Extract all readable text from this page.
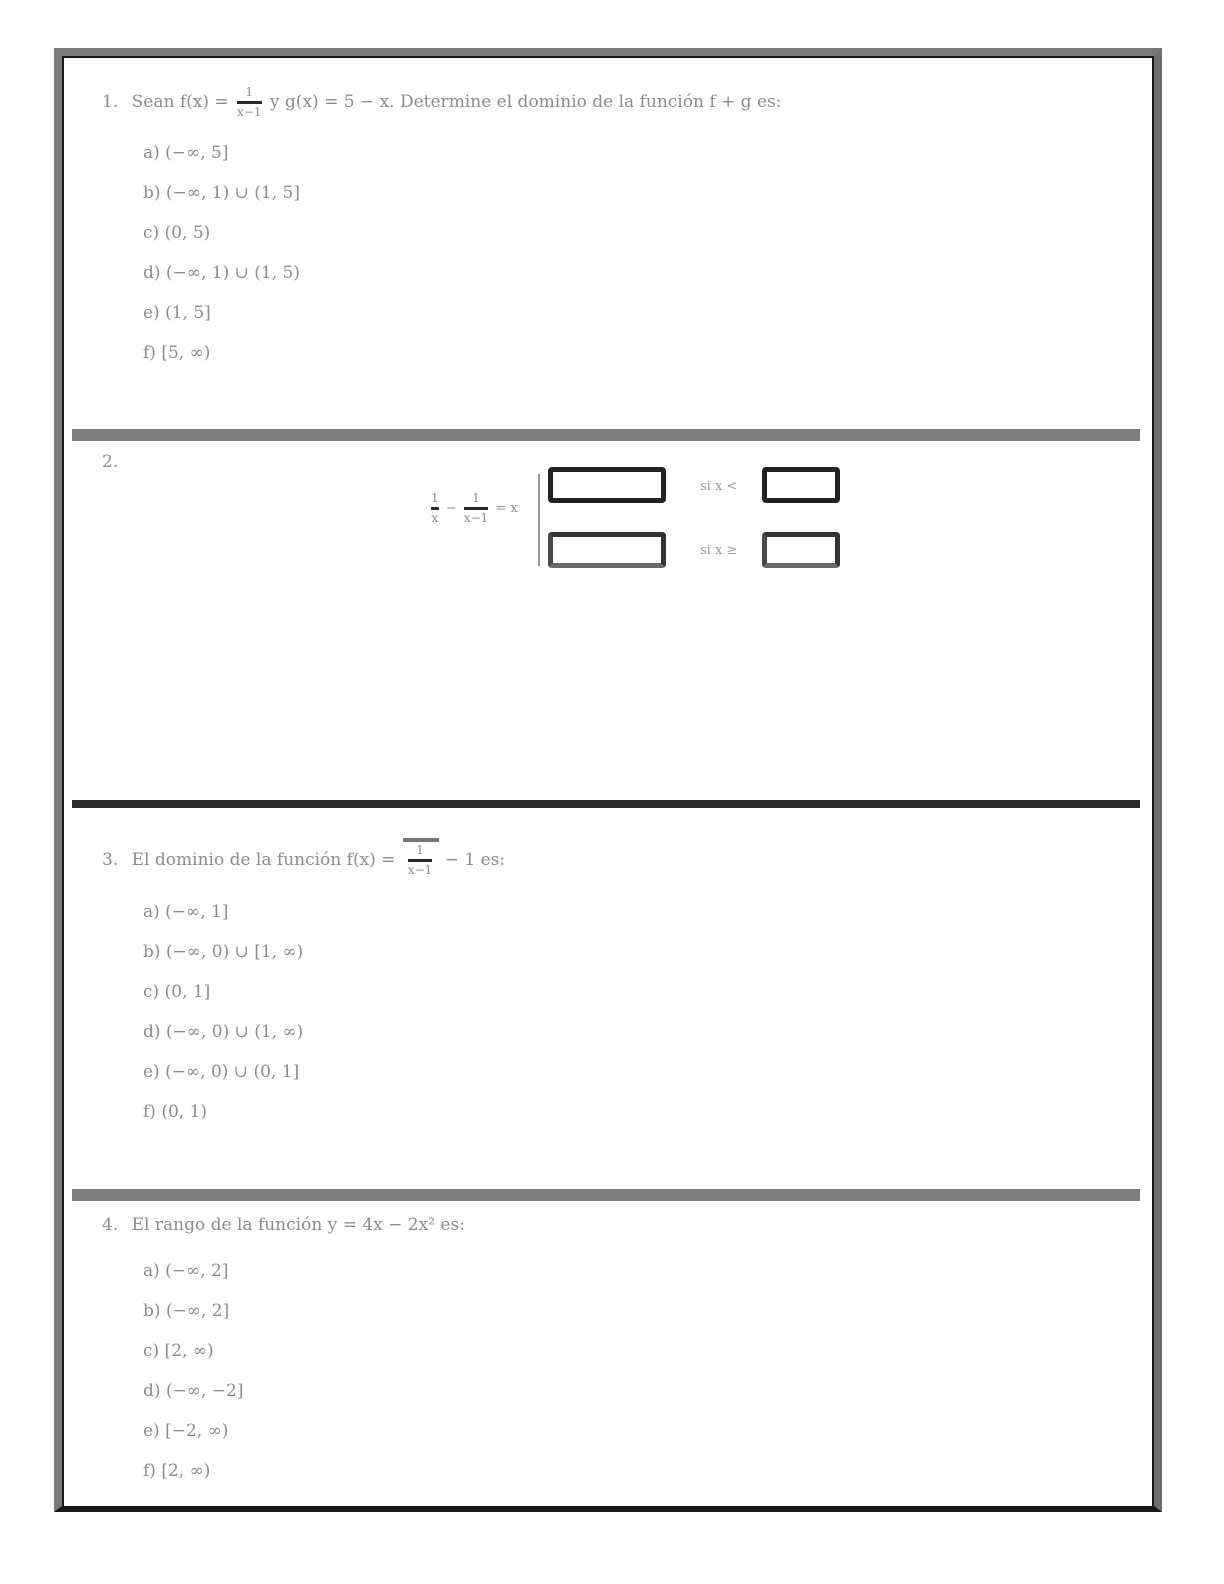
1. Sean $f(x) = \frac{1}{x-1}$ y g(x) = 5 − x. Determine el dominio de la función f + g es:
a) (−∞, 5]
b) (−∞, 1) ∪ (1, 5]
c) (0, 5)
d) (−∞, 1) ∪ (1, 5)
e) (1, 5]
f) [5, ∞)
2.
$\frac{1}{x} - \frac{1}{x-1} = x$
si x <
si x ≥
3. El dominio de la función $f(x) = \frac{1}{x-1} - 1$ es:
a) (−∞, 1]
b) (−∞, 0) ∪ [1, ∞)
c) (0, 1]
d) (−∞, 0) ∪ (1, ∞)
e) (−∞, 0) ∪ (0, 1]
f) (0, 1)
4. El rango de la función y = 4x − 2x² es:
a) (−∞, 2]
b) (−∞, 2]
c) [2, ∞)
d) (−∞, −2]
e) [−2, ∞)
f) [2, ∞)
